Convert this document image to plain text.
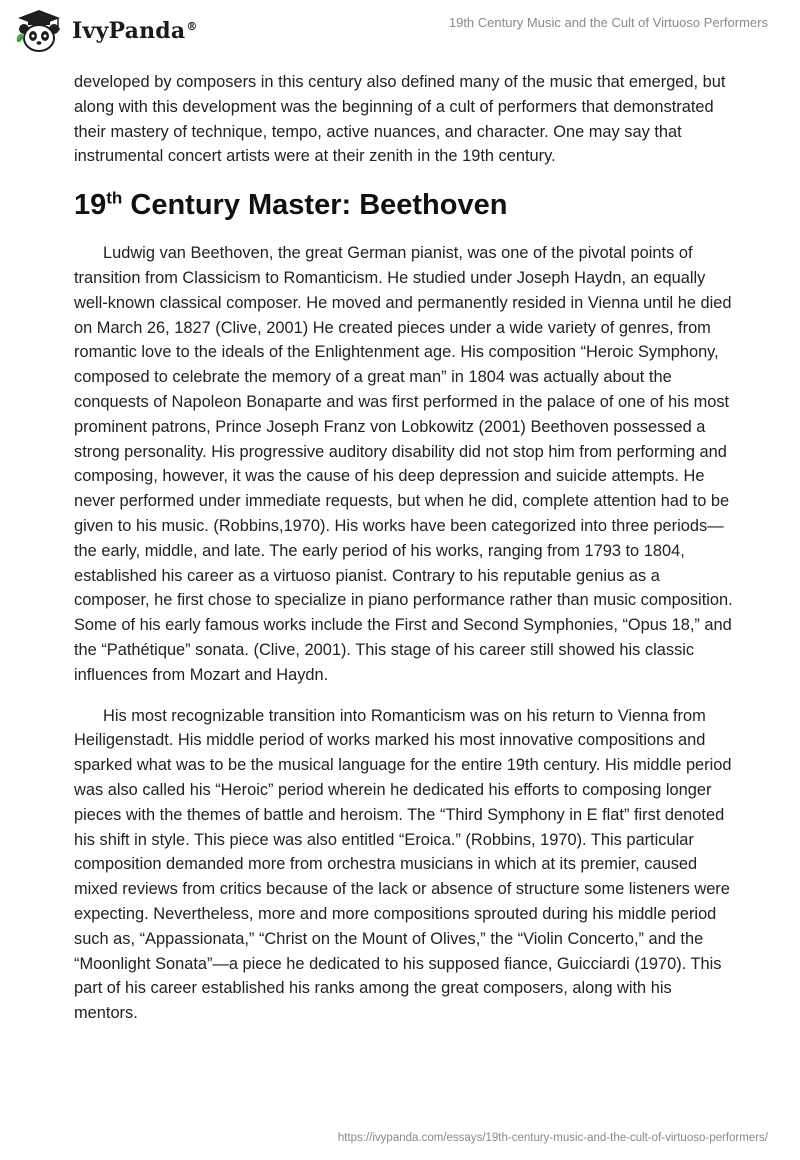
IvyPanda®	19th Century Music and the Cult of Virtuoso Performers

developed by composers in this century also defined many of the music that emerged, but along with this development was the beginning of a cult of performers that demonstrated their mastery of technique, tempo, active nuances, and character. One may say that instrumental concert artists were at their zenith in the 19th century.

19th Century Master: Beethoven

Ludwig van Beethoven, the great German pianist, was one of the pivotal points of transition from Classicism to Romanticism. He studied under Joseph Haydn, an equally well-known classical composer. He moved and permanently resided in Vienna until he died on March 26, 1827 (Clive, 2001) He created pieces under a wide variety of genres, from romantic love to the ideals of the Enlightenment age. His composition “Heroic Symphony, composed to celebrate the memory of a great man” in 1804 was actually about the conquests of Napoleon Bonaparte and was first performed in the palace of one of his most prominent patrons, Prince Joseph Franz von Lobkowitz (2001) Beethoven possessed a strong personality. His progressive auditory disability did not stop him from performing and composing, however, it was the cause of his deep depression and suicide attempts. He never performed under immediate requests, but when he did, complete attention had to be given to his music. (Robbins,1970). His works have been categorized into three periods—the early, middle, and late. The early period of his works, ranging from 1793 to 1804, established his career as a virtuoso pianist. Contrary to his reputable genius as a composer, he first chose to specialize in piano performance rather than music composition. Some of his early famous works include the First and Second Symphonies, “Opus 18,” and the “Pathétique” sonata. (Clive, 2001). This stage of his career still showed his classic influences from Mozart and Haydn.

His most recognizable transition into Romanticism was on his return to Vienna from Heiligenstadt. His middle period of works marked his most innovative compositions and sparked what was to be the musical language for the entire 19th century. His middle period was also called his “Heroic” period wherein he dedicated his efforts to composing longer pieces with the themes of battle and heroism. The “Third Symphony in E flat” first denoted his shift in style. This piece was also entitled “Eroica.” (Robbins, 1970). This particular composition demanded more from orchestra musicians in which at its premier, caused mixed reviews from critics because of the lack or absence of structure some listeners were expecting. Nevertheless, more and more compositions sprouted during his middle period such as, “Appassionata,” “Christ on the Mount of Olives,” the “Violin Concerto,” and the “Moonlight Sonata”—a piece he dedicated to his supposed fiance, Guicciardi (1970). This part of his career established his ranks among the great composers, along with his mentors.

https://ivypanda.com/essays/19th-century-music-and-the-cult-of-virtuoso-performers/
